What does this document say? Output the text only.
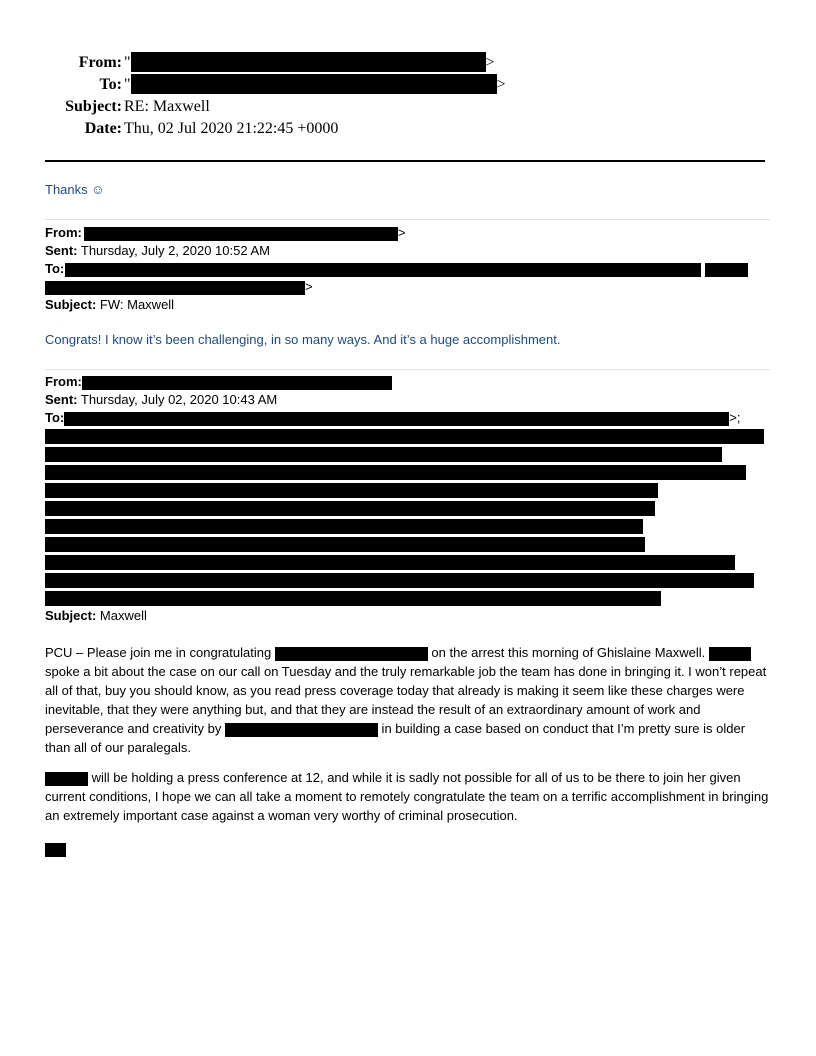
From: "	>
To: "	>
Subject: RE: Maxwell
Date: Thu, 02 Jul 2020 21:22:45 +0000
Thanks ☺
From:	>
Sent: Thursday, July 2, 2020 10:52 AM
To:
>
Subject: FW: Maxwell
Congrats! I know it’s been challenging, in so many ways. And it’s a huge accomplishment.
From:
Sent: Thursday, July 02, 2020 10:43 AM
To:	>;
Subject: Maxwell
PCU – Please join me in congratulating	on the arrest this morning of Ghislaine Maxwell.  spoke a bit about the case on our call on Tuesday and the truly remarkable job the team has done in bringing it. I won’t repeat all of that, buy you should know, as you read press coverage today that already is making it seem like these charges were inevitable, that they were anything but, and that they are instead the result of an extraordinary amount of work and perseverance and creativity by	in building a case based on conduct that I’m pretty sure is older than all of our paralegals.
will be holding a press conference at 12, and while it is sadly not possible for all of us to be there to join her given current conditions, I hope we can all take a moment to remotely congratulate the team on a terrific accomplishment in bringing an extremely important case against a woman very worthy of criminal prosecution.
